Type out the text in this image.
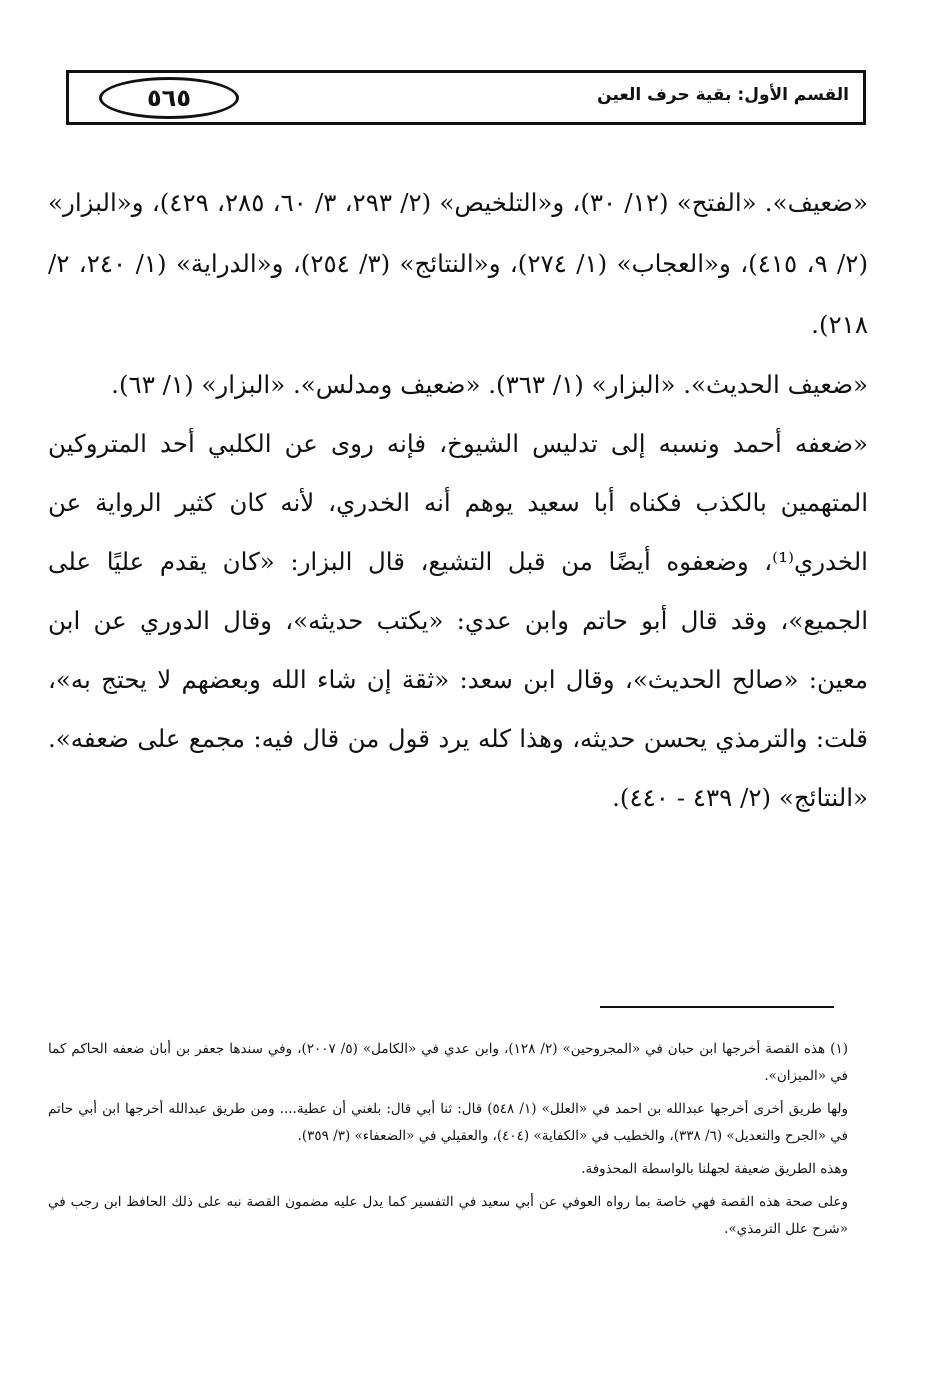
٥٦٥	القسم الأول: بقية حرف العين

«ضعيف». «الفتح» (١٢/ ٣٠)، و«التلخيص» (٢/ ٢٩٣، ٣/ ٦٠، ٢٨٥، ٤٢٩)، و«البزار» (٢/ ٩، ٤١٥)، و«العجاب» (١/ ٢٧٤)، و«النتائج» (٣/ ٢٥٤)، و«الدراية» (١/ ٢٤٠، ٢/ ٢١٨).

«ضعيف الحديث». «البزار» (١/ ٣٦٣). «ضعيف ومدلس». «البزار» (١/ ٦٣).

«ضعفه أحمد ونسبه إلى تدليس الشيوخ، فإنه روى عن الكلبي أحد المتروكين المتهمين بالكذب فكناه أبا سعيد يوهم أنه الخدري، لأنه كان كثير الرواية عن الخدري⁽¹⁾، وضعفوه أيضًا من قبل التشيع، قال البزار: «كان يقدم عليًا على الجميع»، وقد قال أبو حاتم وابن عدي: «يكتب حديثه»، وقال الدوري عن ابن معين: «صالح الحديث»، وقال ابن سعد: «ثقة إن شاء الله وبعضهم لا يحتج به»، قلت: والترمذي يحسن حديثه، وهذا كله يرد قول من قال فيه: مجمع على ضعفه». «النتائج» (٢/ ٤٣٩ - ٤٤٠).

(١) هذه القصة أخرجها ابن حبان في «المجروحين» (٢/ ١٢٨)، وابن عدي في «الكامل» (٥/ ٢٠٠٧)، وفي سندها جعفر بن أبان ضعفه الحاكم كما في «الميزان».

ولها طريق أخرى أخرجها عبدالله بن احمد في «العلل» (١/ ٥٤٨) قال: ثنا أبي قال: بلغني أن عطية.... ومن طريق عبدالله أخرجها ابن أبي حاتم في «الجرح والتعديل» (٦/ ٣٣٨)، والخطيب في «الكفاية» (٤٠٤)، والعقيلي في «الضعفاء» (٣/ ٣٥٩).

وهذه الطريق ضعيفة لجهلنا بالواسطة المحذوفة.

وعلى صحة هذه القصة فهي خاصة بما رواه العوفي عن أبي سعيد في التفسير كما يدل عليه مضمون القصة نبه على ذلك الحافظ ابن رجب في «شرح علل الترمذي».
